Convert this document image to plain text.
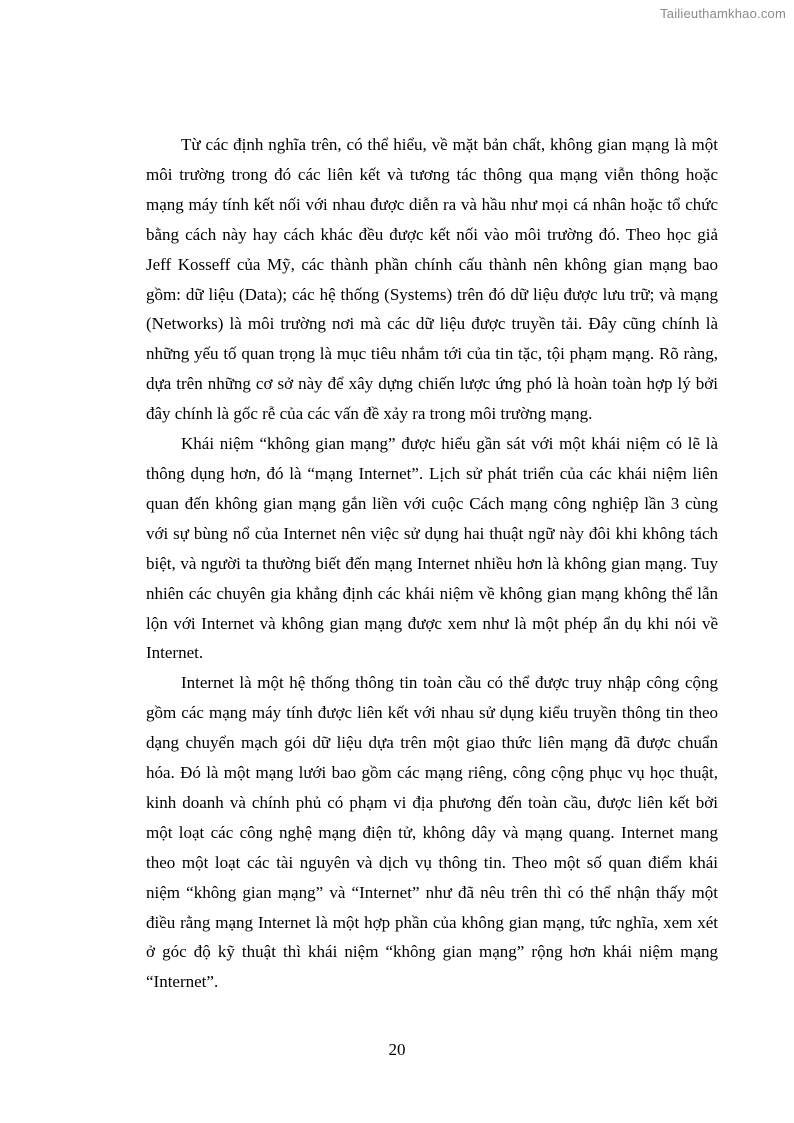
Tailieuthamkhao.com

Từ các định nghĩa trên, có thể hiểu, về mặt bản chất, không gian mạng là một môi trường trong đó các liên kết và tương tác thông qua mạng viễn thông hoặc mạng máy tính kết nối với nhau được diễn ra và hầu như mọi cá nhân hoặc tổ chức bằng cách này hay cách khác đều được kết nối vào môi trường đó. Theo học giả Jeff Kosseff của Mỹ, các thành phần chính cấu thành nên không gian mạng bao gồm: dữ liệu (Data); các hệ thống (Systems) trên đó dữ liệu được lưu trữ; và mạng (Networks) là môi trường nơi mà các dữ liệu được truyền tải. Đây cũng chính là những yếu tố quan trọng là mục tiêu nhắm tới của tin tặc, tội phạm mạng. Rõ ràng, dựa trên những cơ sở này để xây dựng chiến lược ứng phó là hoàn toàn hợp lý bởi đây chính là gốc rễ của các vấn đề xảy ra trong môi trường mạng.

Khái niệm “không gian mạng” được hiểu gần sát với một khái niệm có lẽ là thông dụng hơn, đó là “mạng Internet”. Lịch sử phát triển của các khái niệm liên quan đến không gian mạng gắn liền với cuộc Cách mạng công nghiệp lần 3 cùng với sự bùng nổ của Internet nên việc sử dụng hai thuật ngữ này đôi khi không tách biệt, và người ta thường biết đến mạng Internet nhiều hơn là không gian mạng. Tuy nhiên các chuyên gia khẳng định các khái niệm về không gian mạng không thể lẫn lộn với Internet và không gian mạng được xem như là một phép ẩn dụ khi nói về Internet.

Internet là một hệ thống thông tin toàn cầu có thể được truy nhập công cộng gồm các mạng máy tính được liên kết với nhau sử dụng kiểu truyền thông tin theo dạng chuyển mạch gói dữ liệu dựa trên một giao thức liên mạng đã được chuẩn hóa. Đó là một mạng lưới bao gồm các mạng riêng, công cộng phục vụ học thuật, kinh doanh và chính phủ có phạm vi địa phương đến toàn cầu, được liên kết bởi một loạt các công nghệ mạng điện tử, không dây và mạng quang. Internet mang theo một loạt các tài nguyên và dịch vụ thông tin. Theo một số quan điểm khái niệm “không gian mạng” và “Internet” như đã nêu trên thì có thể nhận thấy một điều rằng mạng Internet là một hợp phần của không gian mạng, tức nghĩa, xem xét ở góc độ kỹ thuật thì khái niệm “không gian mạng” rộng hơn khái niệm mạng “Internet”.

20
